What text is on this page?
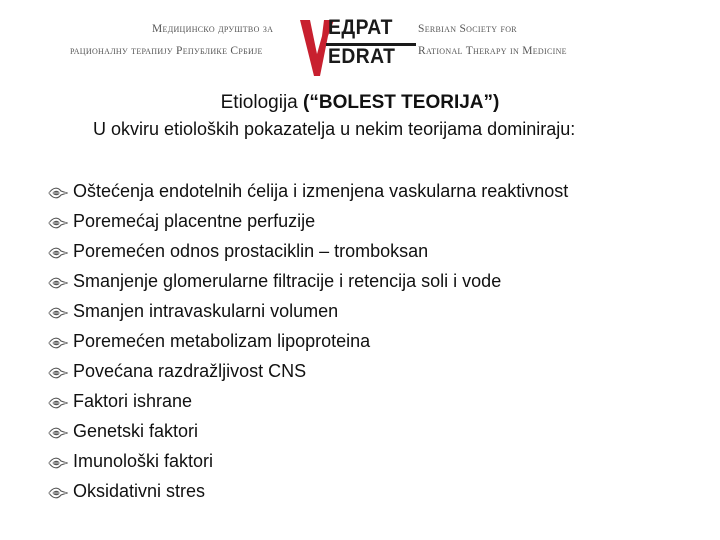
Медицинско друштво за
рационалну терапију Републике Србије
ЕДРАТ
EDRAT
Serbian Society for
Rational Therapy in Medicine
Etiologija (“BOLEST TEORIJA”)
U okviru etioloških pokazatelja u nekim teorijama dominiraju:
Oštećenja endotelnih ćelija i izmenjena vaskularna reaktivnost
Poremećaj placentne perfuzije
Poremećen odnos prostaciklin – tromboksan
Smanjenje glomerularne filtracije i retencija soli i vode
Smanjen intravaskularni volumen
Poremećen metabolizam lipoproteina
Povećana razdražljivost CNS
Faktori ishrane
Genetski faktori
Imunološki faktori
Oksidativni stres
